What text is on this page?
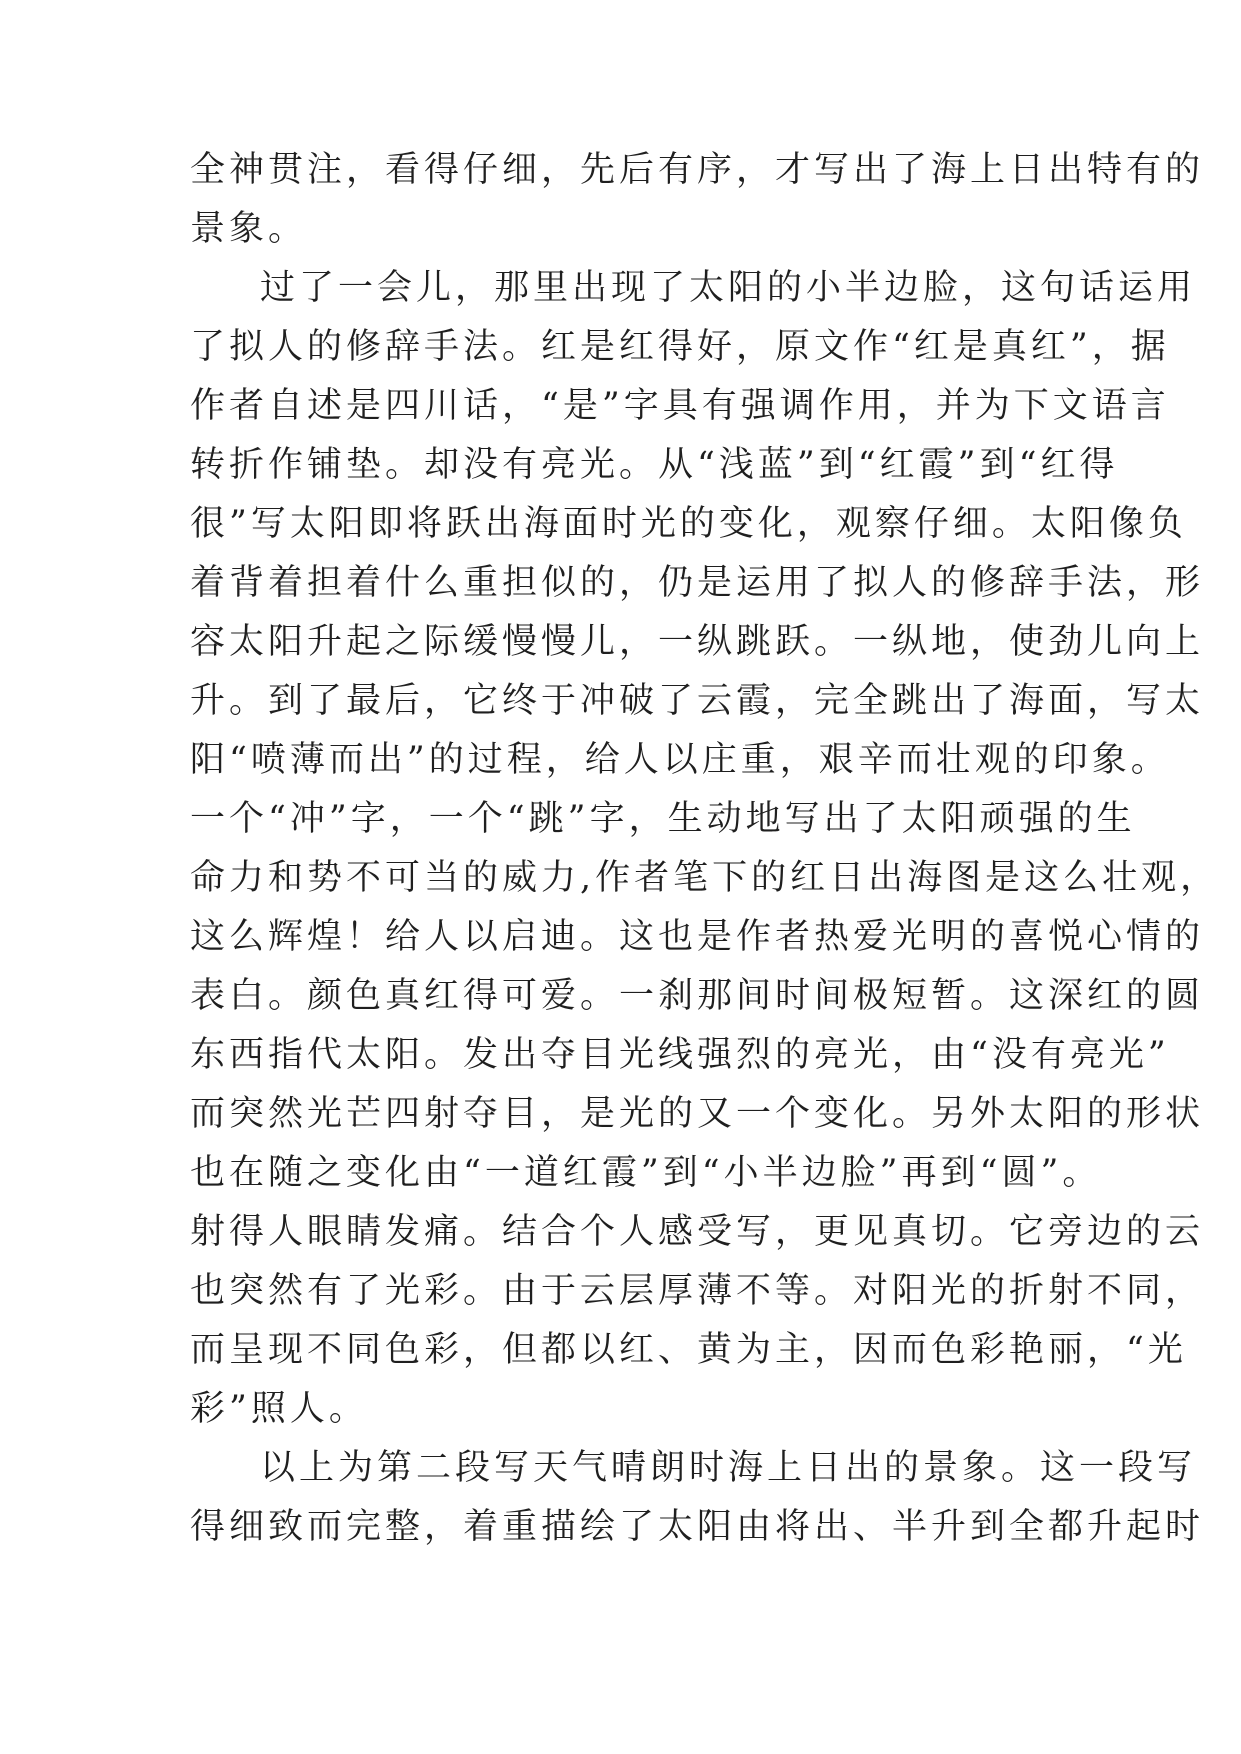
全神贯注，看得仔细，先后有序，才写出了海上日出特有的
景象。
过了一会儿，那里出现了太阳的小半边脸，这句话运用
了拟人的修辞手法。红是红得好，原文作“红是真红”，据
作者自述是四川话，“是”字具有强调作用，并为下文语言
转折作铺垫。却没有亮光。从“浅蓝”到“红霞”到“红得
很”写太阳即将跃出海面时光的变化，观察仔细。太阳像负
着背着担着什么重担似的，仍是运用了拟人的修辞手法，形
容太阳升起之际缓慢慢儿，一纵跳跃。一纵地，使劲儿向上
升。到了最后，它终于冲破了云霞，完全跳出了海面，写太
阳“喷薄而出”的过程，给人以庄重，艰辛而壮观的印象。
一个“冲”字，一个“跳”字，生动地写出了太阳顽强的生
命力和势不可当的威力,作者笔下的红日出海图是这么壮观，
这么辉煌！给人以启迪。这也是作者热爱光明的喜悦心情的
表白。颜色真红得可爱。一刹那间时间极短暂。这深红的圆
东西指代太阳。发出夺目光线强烈的亮光，由“没有亮光”
而突然光芒四射夺目，是光的又一个变化。另外太阳的形状
也在随之变化由“一道红霞”到“小半边脸”再到“圆”。
射得人眼睛发痛。结合个人感受写，更见真切。它旁边的云
也突然有了光彩。由于云层厚薄不等。对阳光的折射不同，
而呈现不同色彩，但都以红、黄为主，因而色彩艳丽，“光
彩”照人。
以上为第二段写天气晴朗时海上日出的景象。这一段写
得细致而完整，着重描绘了太阳由将出、半升到全都升起时
